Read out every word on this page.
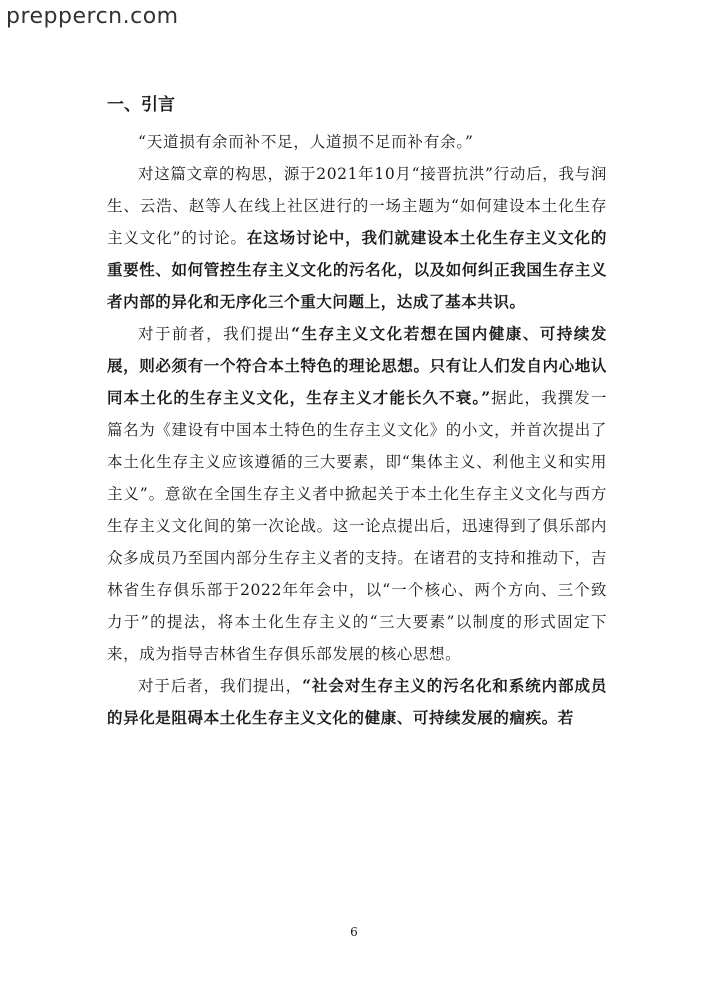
preppercn.com
一、引言

“天道损有余而补不足，人道损不足而补有余。”

对这篇文章的构思，源于2021年10月“接晋抗洪”行动后，我与润生、云浩、赵等人在线上社区进行的一场主题为“如何建设本土化生存主义文化”的讨论。在这场讨论中，我们就建设本土化生存主义文化的重要性、如何管控生存主义文化的污名化，以及如何纠正我国生存主义者内部的异化和无序化三个重大问题上，达成了基本共识。

对于前者，我们提出“生存主义文化若想在国内健康、可持续发展，则必须有一个符合本土特色的理论思想。只有让人们发自内心地认同本土化的生存主义文化，生存主义才能长久不衰。”据此，我撰发一篇名为《建设有中国本土特色的生存主义文化》的小文，并首次提出了本土化生存主义应该遵循的三大要素，即“集体主义、利他主义和实用主义”。意欲在全国生存主义者中掀起关于本土化生存主义文化与西方生存主义文化间的第一次论战。这一论点提出后，迅速得到了俱乐部内众多成员乃至国内部分生存主义者的支持。在诸君的支持和推动下，吉林省生存俱乐部于2022年年会中，以“一个核心、两个方向、三个致力于”的提法，将本土化生存主义的“三大要素”以制度的形式固定下来，成为指导吉林省生存俱乐部发展的核心思想。

对于后者，我们提出，“社会对生存主义的污名化和系统内部成员的异化是阻碍本土化生存主义文化的健康、可持续发展的痼疾。若

6
